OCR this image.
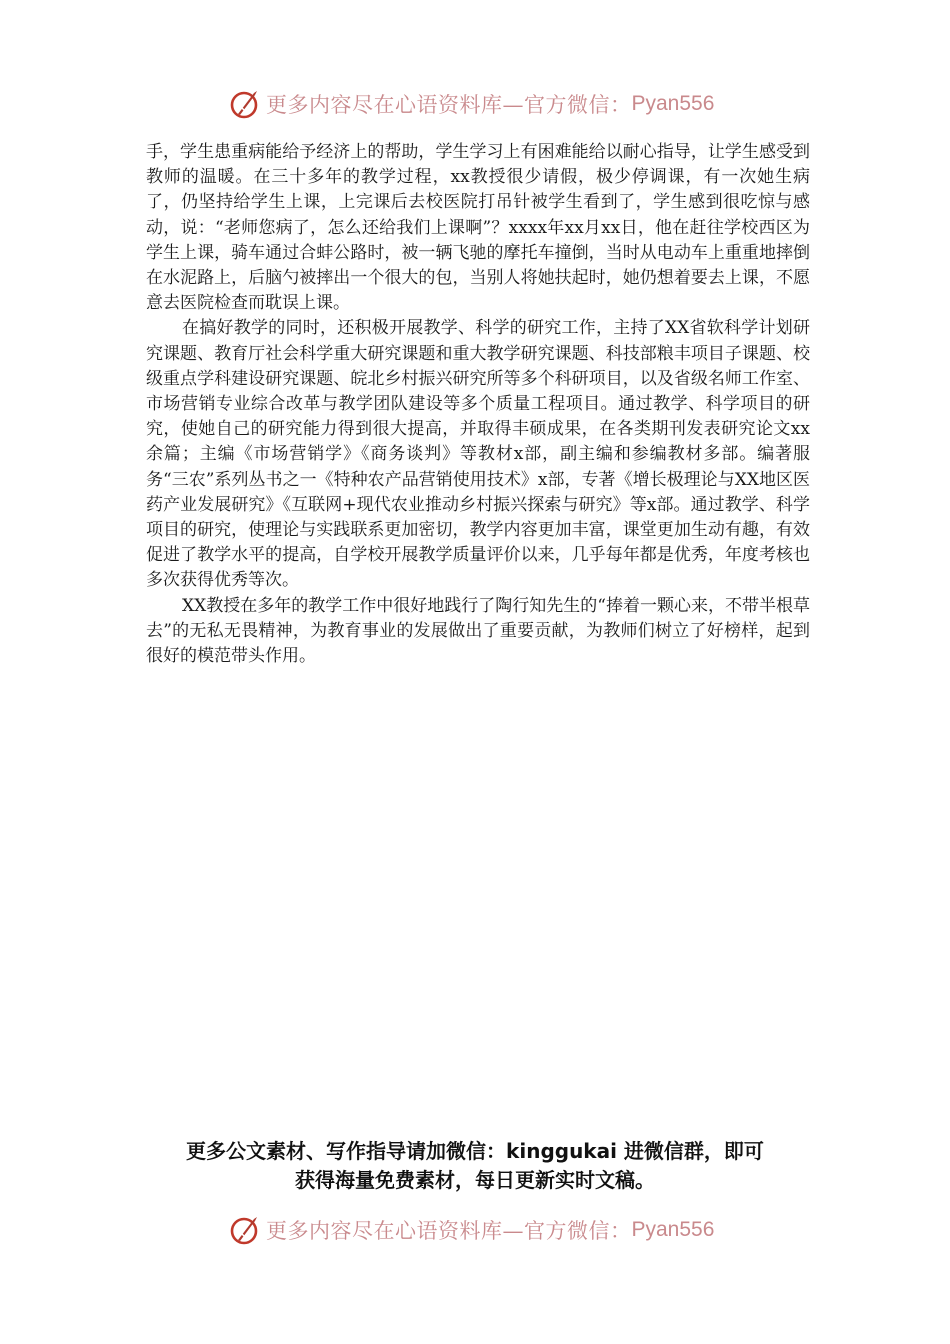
更多内容尽在心语资料库—官方微信： Pyan556

手，学生患重病能给予经济上的帮助，学生学习上有困难能给以耐心指导，让学生感受到教师的温暖。在三十多年的教学过程，xx教授很少请假，极少停调课，有一次她生病了，仍坚持给学生上课，上完课后去校医院打吊针被学生看到了，学生感到很吃惊与感动，说：“老师您病了，怎么还给我们上课啊”？xxxx年xx月xx日，他在赶往学校西区为学生上课，骑车通过合蚌公路时，被一辆飞驰的摩托车撞倒，当时从电动车上重重地摔倒在水泥路上，后脑勺被摔出一个很大的包，当别人将她扶起时，她仍想着要去上课，不愿意去医院检查而耽误上课。

在搞好教学的同时，还积极开展教学、科学的研究工作，主持了XX省软科学计划研究课题、教育厅社会科学重大研究课题和重大教学研究课题、科技部粮丰项目子课题、校级重点学科建设研究课题、皖北乡村振兴研究所等多个科研项目，以及省级名师工作室、市场营销专业综合改革与教学团队建设等多个质量工程项目。通过教学、科学项目的研究，使她自己的研究能力得到很大提高，并取得丰硕成果，在各类期刊发表研究论文xx余篇；主编《市场营销学》《商务谈判》等教材x部，副主编和参编教材多部。编著服务“三农”系列丛书之一《特种农产品营销使用技术》x部，专著《增长极理论与XX地区医药产业发展研究》《互联网+现代农业推动乡村振兴探索与研究》等x部。通过教学、科学项目的研究，使理论与实践联系更加密切，教学内容更加丰富，课堂更加生动有趣，有效促进了教学水平的提高，自学校开展教学质量评价以来，几乎每年都是优秀，年度考核也多次获得优秀等次。

XX教授在多年的教学工作中很好地践行了陶行知先生的“捧着一颗心来，不带半根草去”的无私无畏精神，为教育事业的发展做出了重要贡献，为教师们树立了好榜样，起到很好的模范带头作用。

更多公文素材、写作指导请加微信：kinggukai 进微信群，即可

获得海量免费素材，每日更新实时文稿。

更多内容尽在心语资料库—官方微信： Pyan556
